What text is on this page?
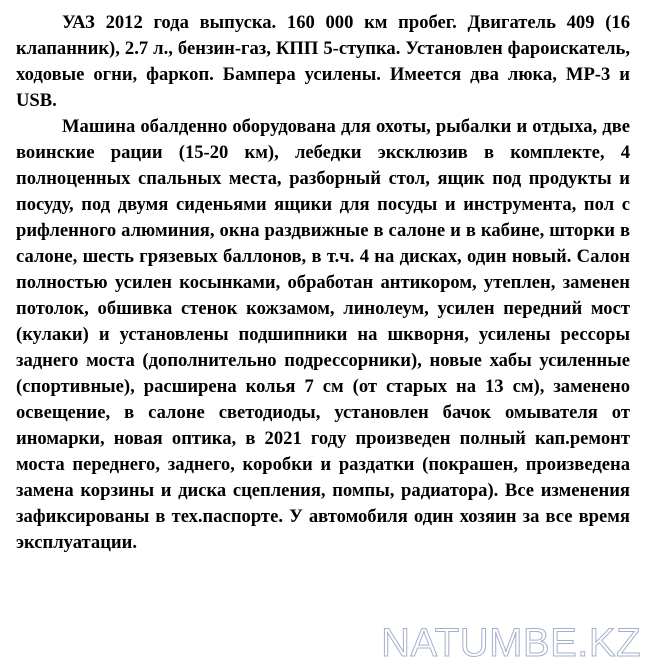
УАЗ 2012 года выпуска. 160 000 км пробег. Двигатель 409 (16 клапанник), 2.7 л., бензин-газ, КПП 5-ступка. Установлен фароискатель, ходовые огни, фаркоп. Бампера усилены. Имеется два люка, МР-3 и USB.

Машина обалденно оборудована для охоты, рыбалки и отдыха, две воинские рации (15-20 км), лебедки эксклюзив в комплекте, 4 полноценных спальных места, разборный стол, ящик под продукты и посуду, под двумя сиденьями ящики для посуды и инструмента, пол с рифленного алюминия, окна раздвижные в салоне и в кабине, шторки в салоне, шесть грязевых баллонов, в т.ч. 4 на дисках, один новый. Салон полностью усилен косынками, обработан антикором, утеплен, заменен потолок, обшивка стенок кожзамом, линолеум, усилен передний мост (кулаки) и установлены подшипники на шкворня, усилены рессоры заднего моста (дополнительно подрессорники), новые хабы усиленные (спортивные), расширена колья 7 см (от старых на 13 см), заменено освещение, в салоне светодиоды, установлен бачок омывателя от иномарки, новая оптика, в 2021 году произведен полный кап.ремонт моста переднего, заднего, коробки и раздатки (покрашен, произведена замена корзины и диска сцепления, помпы, радиатора). Все изменения зафиксированы в тех.паспорте. У автомобиля один хозяин за все время эксплуатации.

NATUMBE.KZ
